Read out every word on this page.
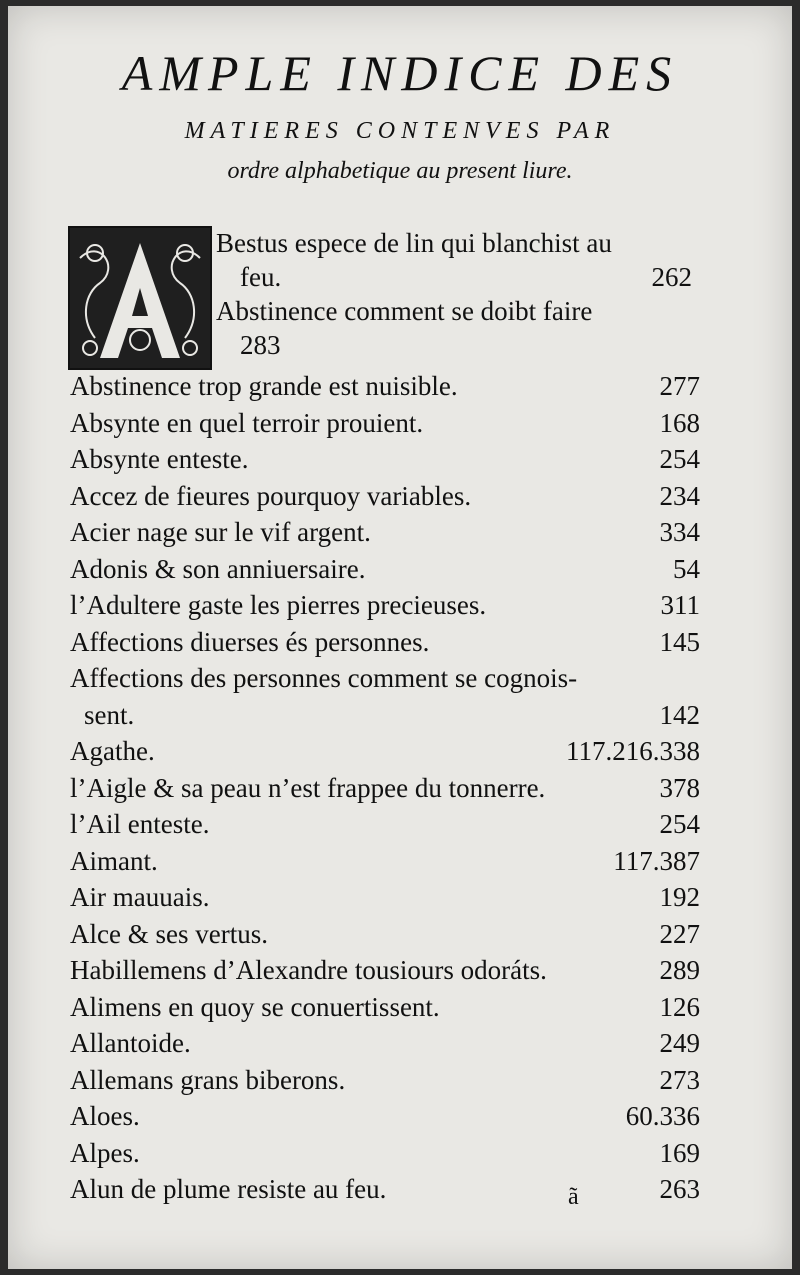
AMPLE INDICE DES
MATIERES CONTENVES PAR
ordre alphabetique au present liure.
Bestus espece de lin qui blanchist au
feu.	262
Abstinence comment se doibt faire
283
Abstinence trop grande est nuisible.	277
Absynte en quel terroir prouient.	168
Absynte enteste.	254
Accez de fieures pourquoy variables.	234
Acier nage sur le vif argent.	334
Adonis & son anniuersaire.	54
l’Adultere gaste les pierres precieuses.	311
Affections diuerses és personnes.	145
Affections des personnes comment se cognois-
sent.	142
Agathe.	117.216.338
l’Aigle & sa peau n’est frappee du tonnerre.	378
l’Ail enteste.	254
Aimant.	117.387
Air mauuais.	192
Alce & ses vertus.	227
Habillemens d’Alexandre tousiours odoráts.	289
Alimens en quoy se conuertissent.	126
Allantoide.	249
Allemans grans biberons.	273
Aloes.	60.336
Alpes.	169
Alun de plume resiste au feu.	263
ã
